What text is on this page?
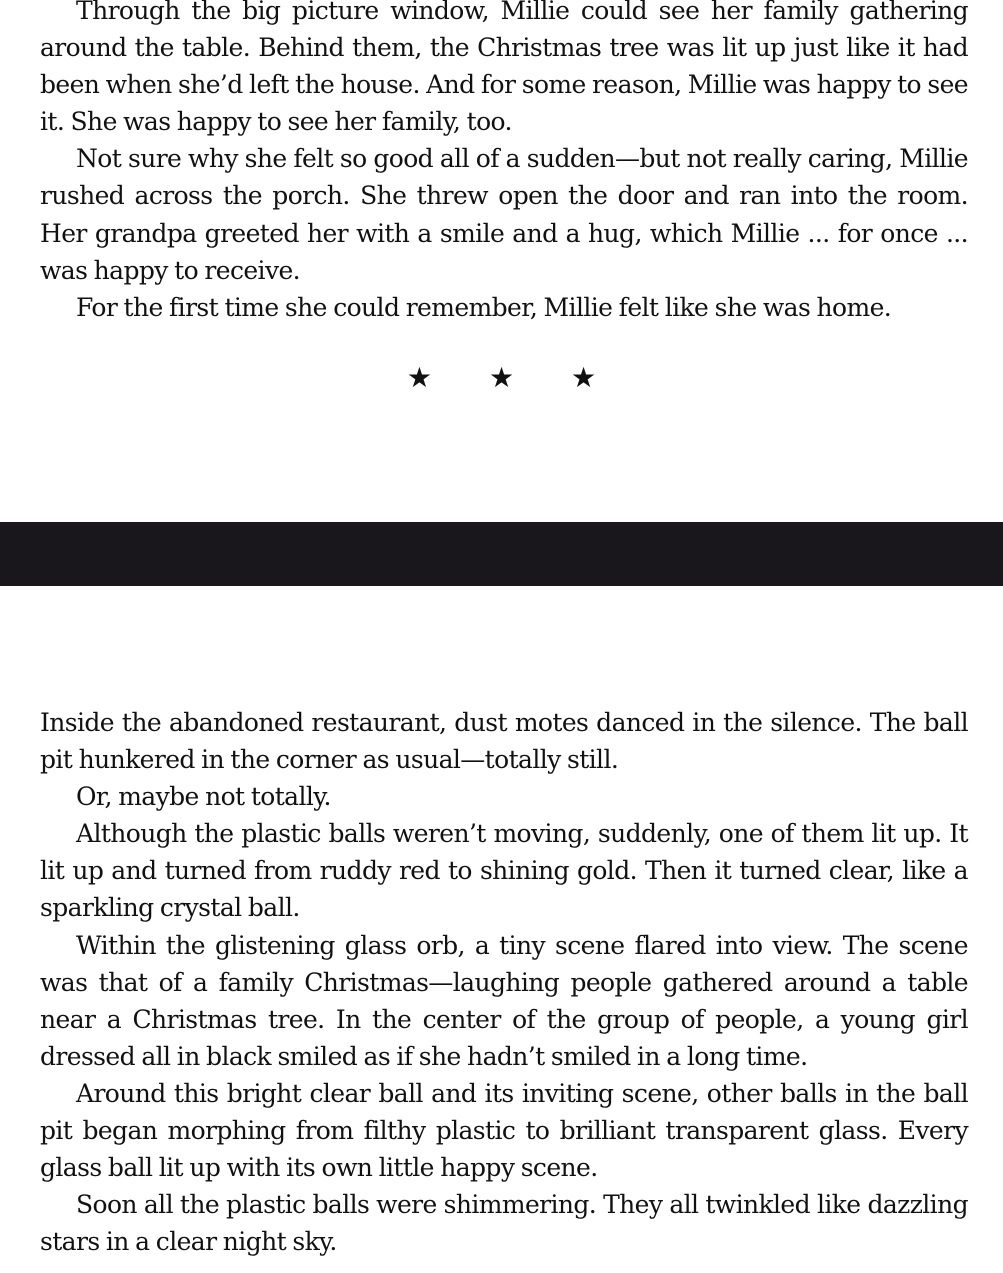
Through the big picture window, Millie could see her family gathering around the table. Behind them, the Christmas tree was lit up just like it had been when she’d left the house. And for some reason, Millie was happy to see it. She was happy to see her family, too.

Not sure why she felt so good all of a sudden—but not really caring, Millie rushed across the porch. She threw open the door and ran into the room. Her grandpa greeted her with a smile and a hug, which Millie ... for once ... was happy to receive.

For the first time she could remember, Millie felt like she was home.

★ ★ ★

Inside the abandoned restaurant, dust motes danced in the silence. The ball pit hunkered in the corner as usual—totally still.

Or, maybe not totally.

Although the plastic balls weren’t moving, suddenly, one of them lit up. It lit up and turned from ruddy red to shining gold. Then it turned clear, like a sparkling crystal ball.

Within the glistening glass orb, a tiny scene flared into view. The scene was that of a family Christmas—laughing people gathered around a table near a Christmas tree. In the center of the group of people, a young girl dressed all in black smiled as if she hadn’t smiled in a long time.

Around this bright clear ball and its inviting scene, other balls in the ball pit began morphing from filthy plastic to brilliant transparent glass. Every glass ball lit up with its own little happy scene.

Soon all the plastic balls were shimmering. They all twinkled like dazzling stars in a clear night sky.
